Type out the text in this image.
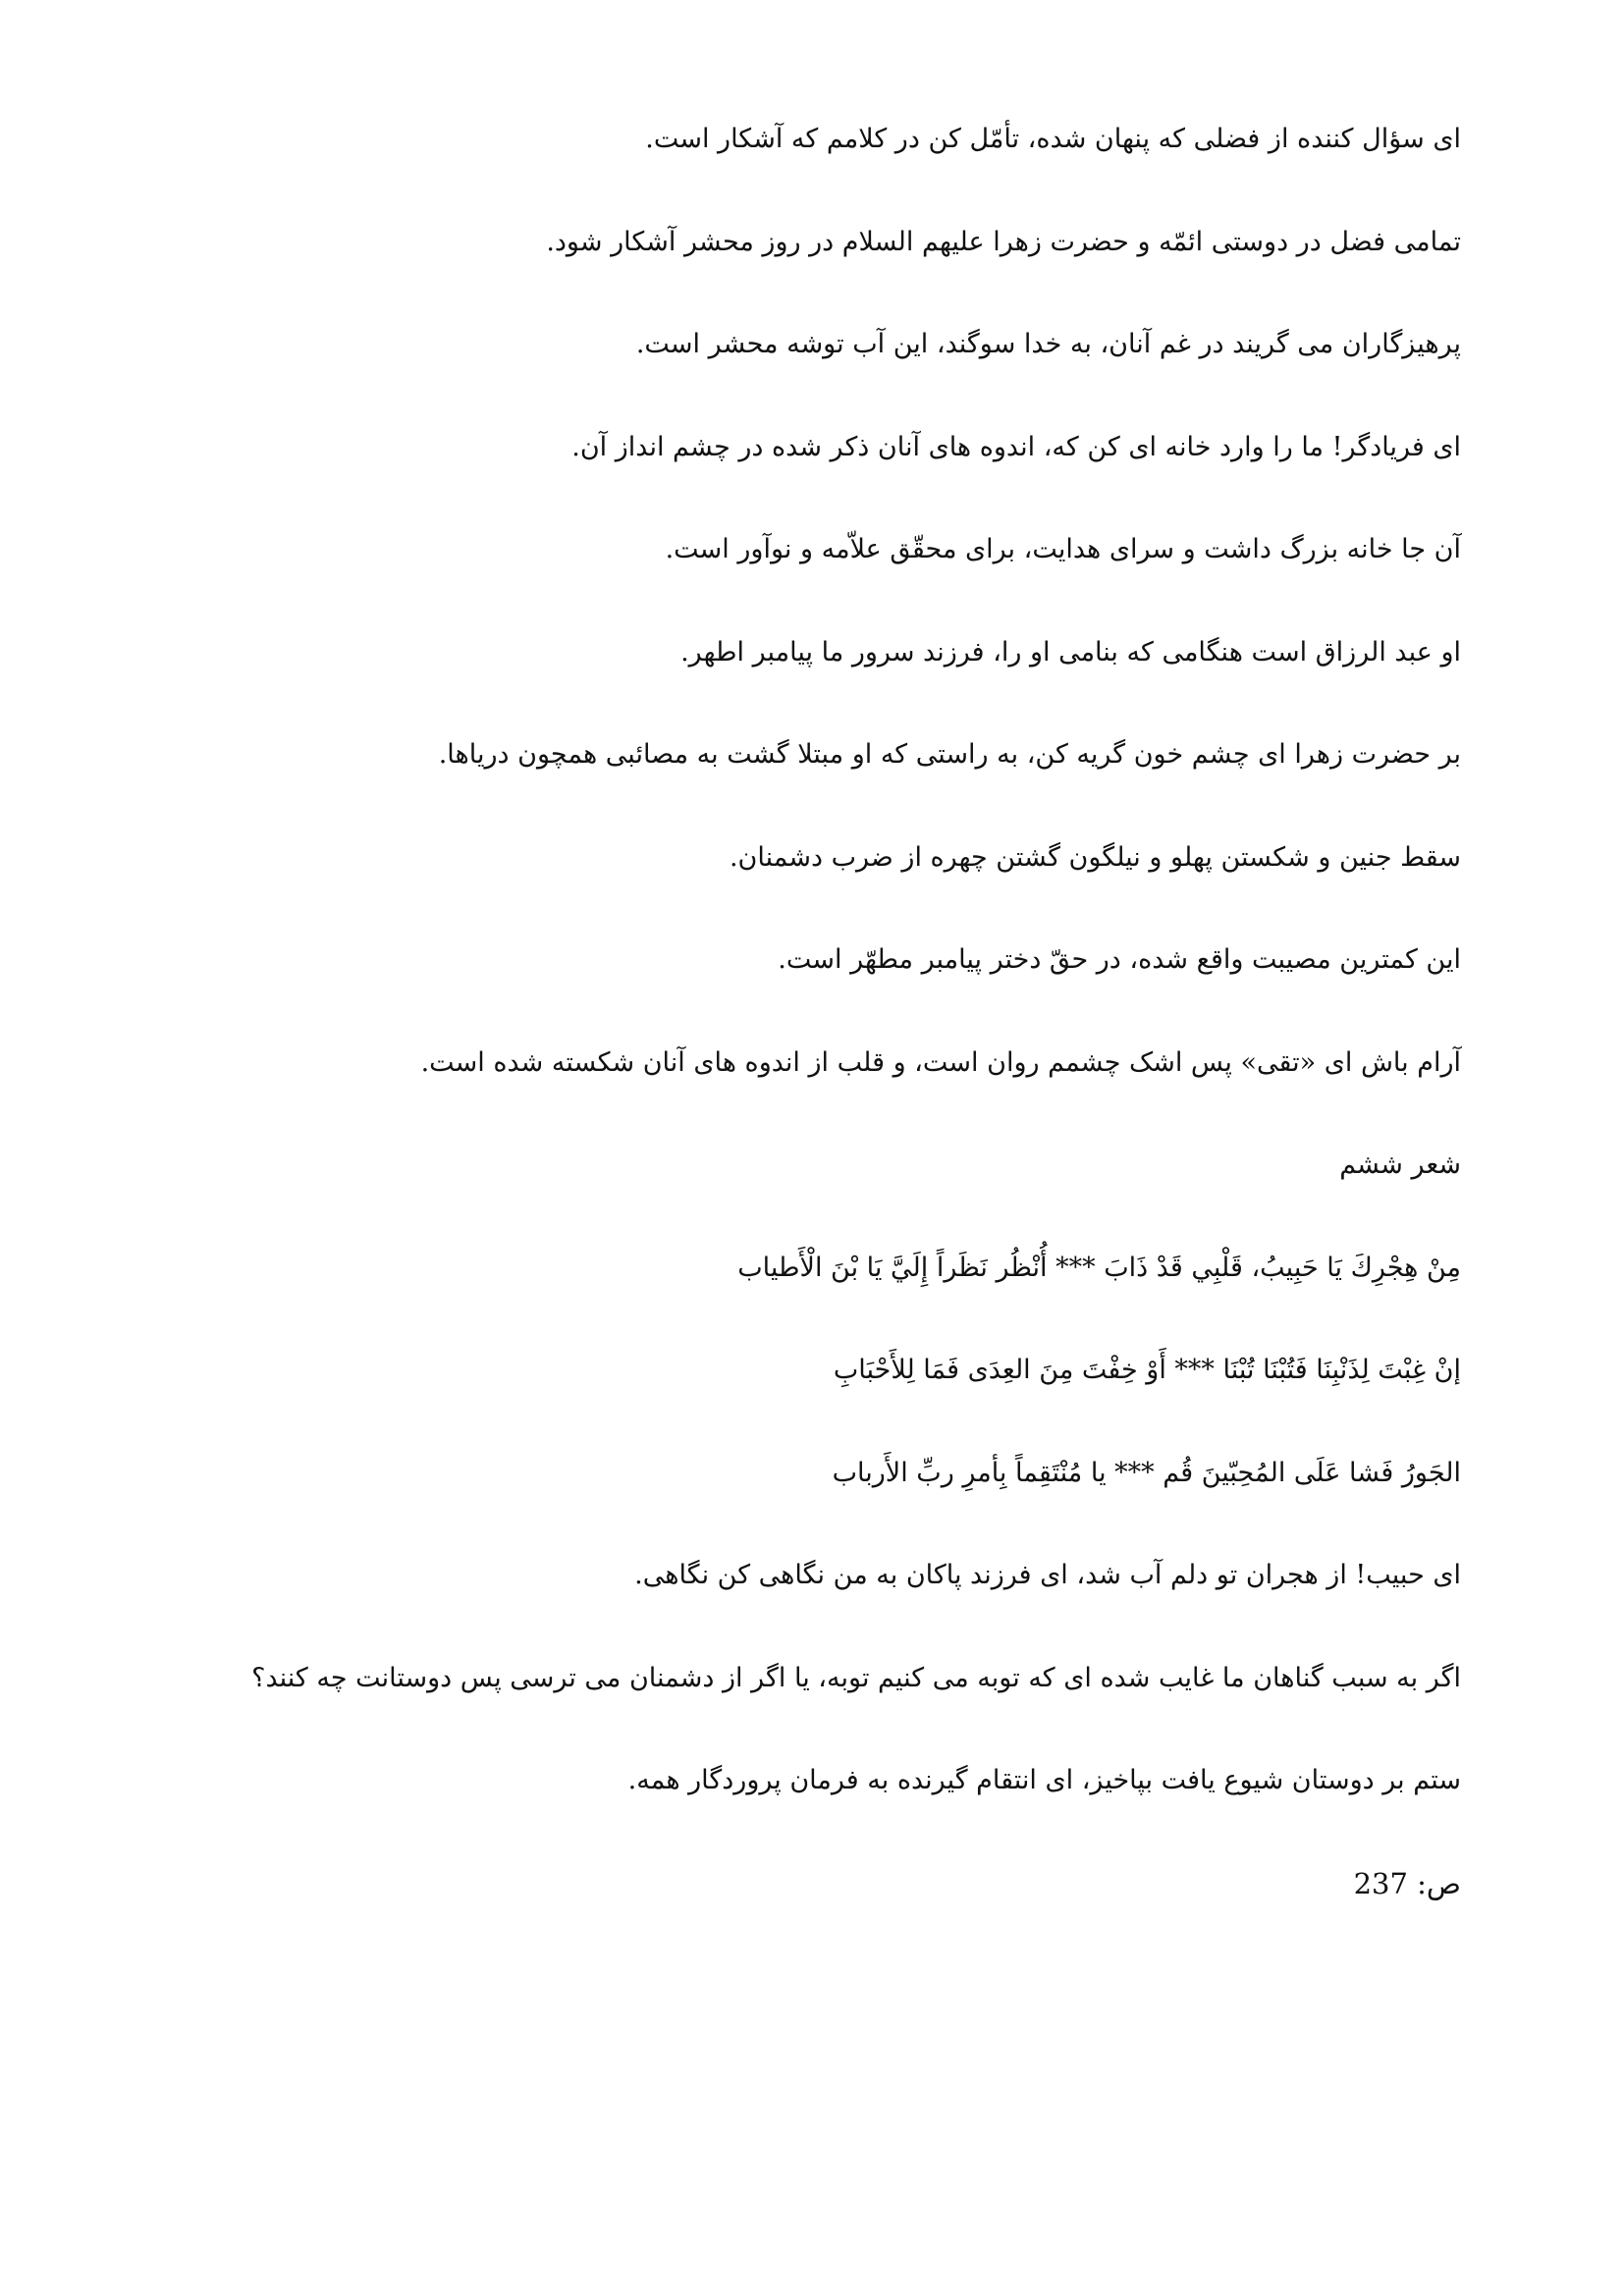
ای سؤال کننده از فضلی که پنهان شده، تأمّل کن در کلامم که آشکار است.
تمامی فضل در دوستی ائمّه و حضرت زهرا علیهم السلام در روز محشر آشکار شود.
پرهیزگاران می گریند در غم آنان، به خدا سوگند، این آب توشه محشر است.
ای فریادگر! ما را وارد خانه ای کن که، اندوه های آنان ذکر شده در چشم انداز آن.
آن جا خانه بزرگ داشت و سرای هدایت، برای محقّق علاّمه و نوآور است.
او عبد الرزاق است هنگامی که بنامی او را، فرزند سرور ما پیامبر اطهر.
بر حضرت زهرا ای چشم خون گریه کن، به راستی که او مبتلا گشت به مصائبی همچون دریاها.
سقط جنین و شکستن پهلو و نیلگون گشتن چهره از ضرب دشمنان.
این کمترین مصیبت واقع شده، در حقّ دختر پیامبر مطهّر است.
آرام باش ای «تقی» پس اشک چشمم روان است، و قلب از اندوه های آنان شکسته شده است.
شعر ششم
مِنْ هِجْرِكَ يَا حَبِيبُ، قَلْبِي قَدْ ذَابَ *** أُنْظُر نَظَراً إِلَيَّ يَا بْنَ الْأَطياب
إنْ غِبْتَ لِذَنْبِنَا فَتُبْنَا تُبْنَا *** أَوْ خِفْتَ مِنَ العِدَى فَمَا لِلأَحْبَابِ
الجَورُ فَشا عَلَى المُحِبّينَ قُم *** يا مُنْتَقِماً بِأمرِ ربِّ الأَرباب
ای حبیب! از هجران تو دلم آب شد، ای فرزند پاکان به من نگاهی کن نگاهی.
اگر به سبب گناهان ما غایب شده ای که توبه می کنیم توبه، یا اگر از دشمنان می ترسی پس دوستانت چه کنند؟
ستم بر دوستان شیوع یافت بپاخیز، ای انتقام گیرنده به فرمان پروردگار همه.
ص: 237
